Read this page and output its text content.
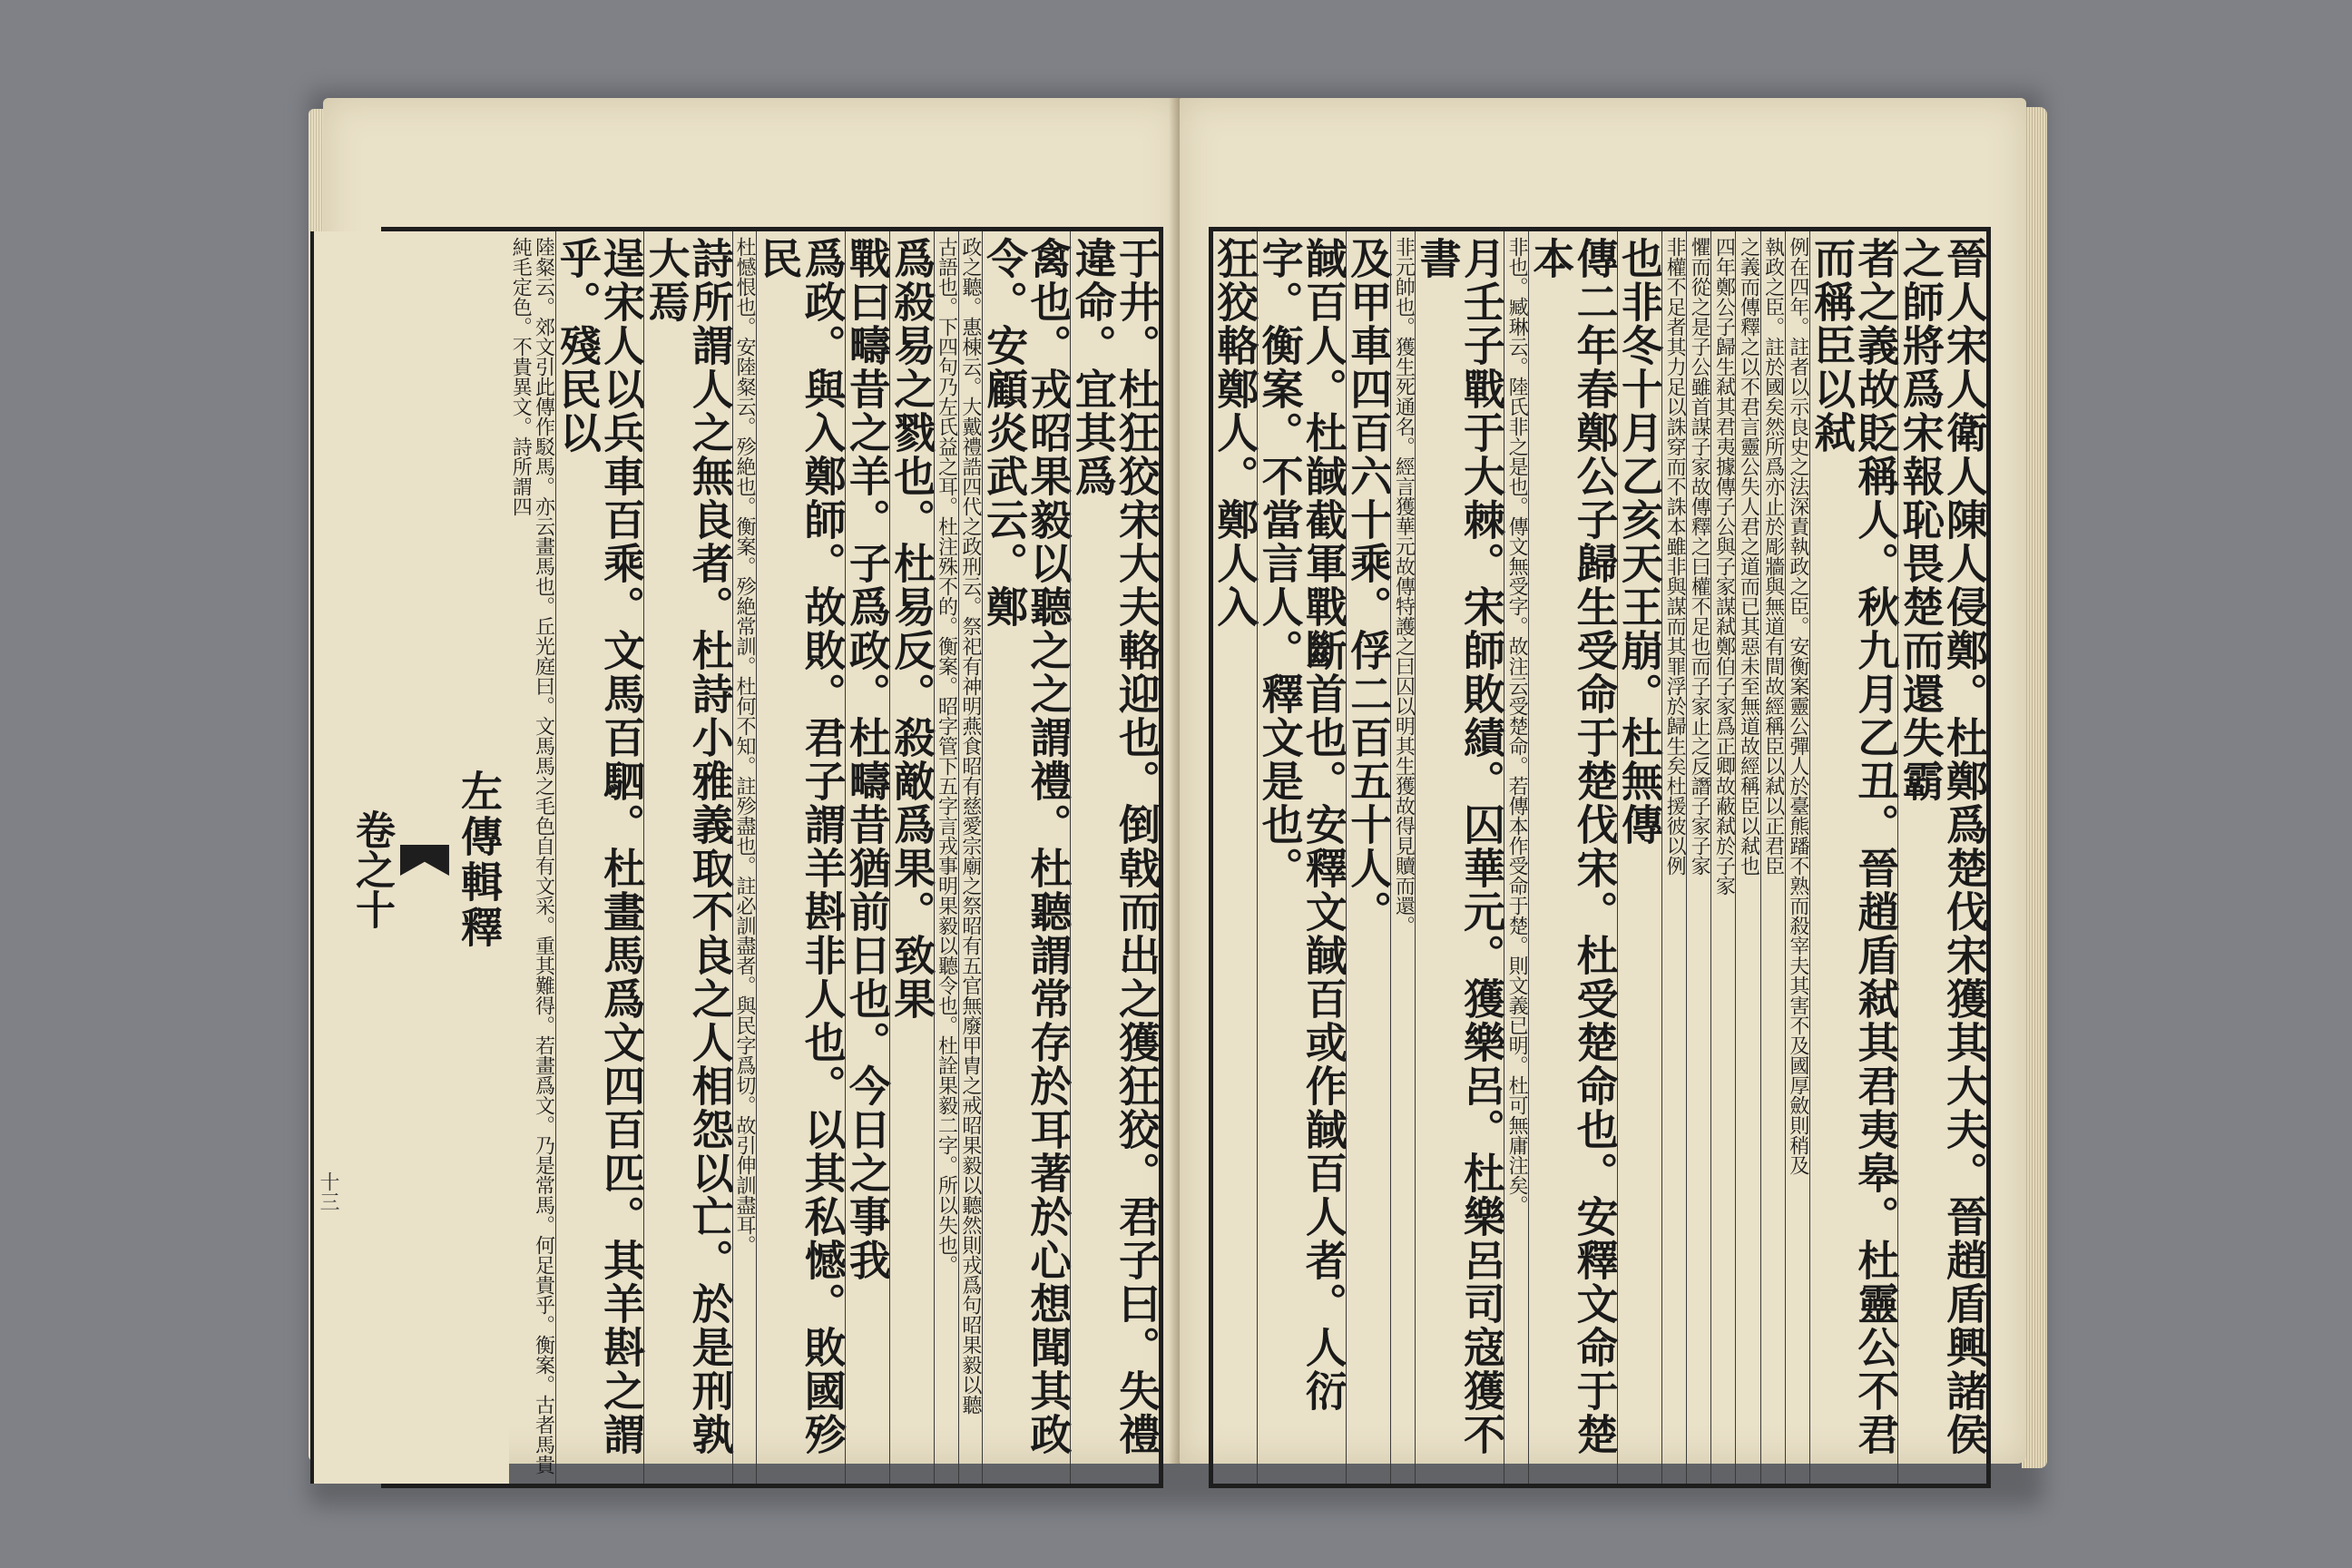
于井。杜狂狡宋大夫輅迎也。倒戟而出之獲狂狡。君子曰。失禮違命。宜其爲
禽也。戎昭果毅以聽之之謂禮。杜聽謂常存於耳著於心想聞其政令。安顧炎武云。鄭
政之聽。惠棟云。大戴禮誥四代之政刑云。祭祀有神明燕食昭有慈愛宗廟之祭昭有五官無廢甲胄之戒昭果毅以聽然則戎爲句昭果毅以聽
古語也。下四句乃左氏益之耳。杜注殊不的。衡案。昭字管下五字言戎事明果毅以聽令也。杜詮果毅二字。所以失也。
爲殺易之戮也。杜易反。殺敵爲果。致果
戰曰疇昔之羊。子爲政。杜疇昔猶前日也。今日之事我
爲政。與入鄭師。故敗。君子謂羊斟非人也。以其私憾。敗國殄民
杜憾恨也。安陸粲云。殄絶也。衡案。殄絶常訓。杜何不知。註殄盡也。註必訓盡者。與民字爲切。故引伸訓盡耳。
詩所謂人之無良者。杜詩小雅義取不良之人相怨以亡。於是刑孰大焉
逞宋人以兵車百乘。文馬百駟。杜畫馬爲文四百匹。其羊斟之謂乎。殘民以
陸粲云。郊文引此傳作駁馬。亦云畫馬也。丘光庭曰。文馬馬之毛色自有文采。重其難得。若畫爲文。乃是常馬。何足貴乎。衡案。古者馬貴純毛定色。不貴異文。詩所謂四
左傳輯釋
卷之十
十三	晉人宋人衛人陳人侵鄭。杜鄭爲楚伐宋獲其大夫。晉趙盾興諸侯之師將爲宋報恥畏楚而還失霸
者之義故貶稱人。秋九月乙丑。晉趙盾弒其君夷皋。杜靈公不君而稱臣以弒
例在四年。註者以示良史之法深責執政之臣。安衡案靈公彈人於臺熊蹯不熟而殺宰夫其害不及國厚斂則稍及
執政之臣。註於國矣然所爲亦止於彫牆與無道有間故經稱臣以弒以正君臣
之義而傳釋之以不君言靈公失人君之道而已其惡未至無道故經稱臣以弒也
四年鄭公子歸生弒其君夷據傳子公與子家謀弒鄭伯子家爲正卿故蔽弒於子家
懼而從之是子公雖首謀子家故傳釋之曰權不足也而子家止之反譖子家子家
非權不足者其力足以誅穿而不誅本雖非與謀而其罪浮於歸生矣杜援彼以例
也非冬十月乙亥天王崩。杜無傳
傳二年春鄭公子歸生受命于楚伐宋。杜受楚命也。安釋文命于楚本
非也。臧琳云。陸氏非之是也。傳文無受字。故注云受楚命。若傳本作受命于楚。則文義已明。杜可無庸注矣。
月壬子戰于大棘。宋師敗績。囚華元。獲樂呂。杜樂呂司寇獲不書
非元帥也。獲生死通名。經言獲華元故傳特護之曰囚以明其生獲故得見贖而還。
及甲車四百六十乘。俘二百五十人。
馘百人。杜馘截軍戰斷首也。安釋文馘百或作馘百人者。人衍字。衡案。不當言人。釋文是也。
狂狡輅鄭人。鄭人入
